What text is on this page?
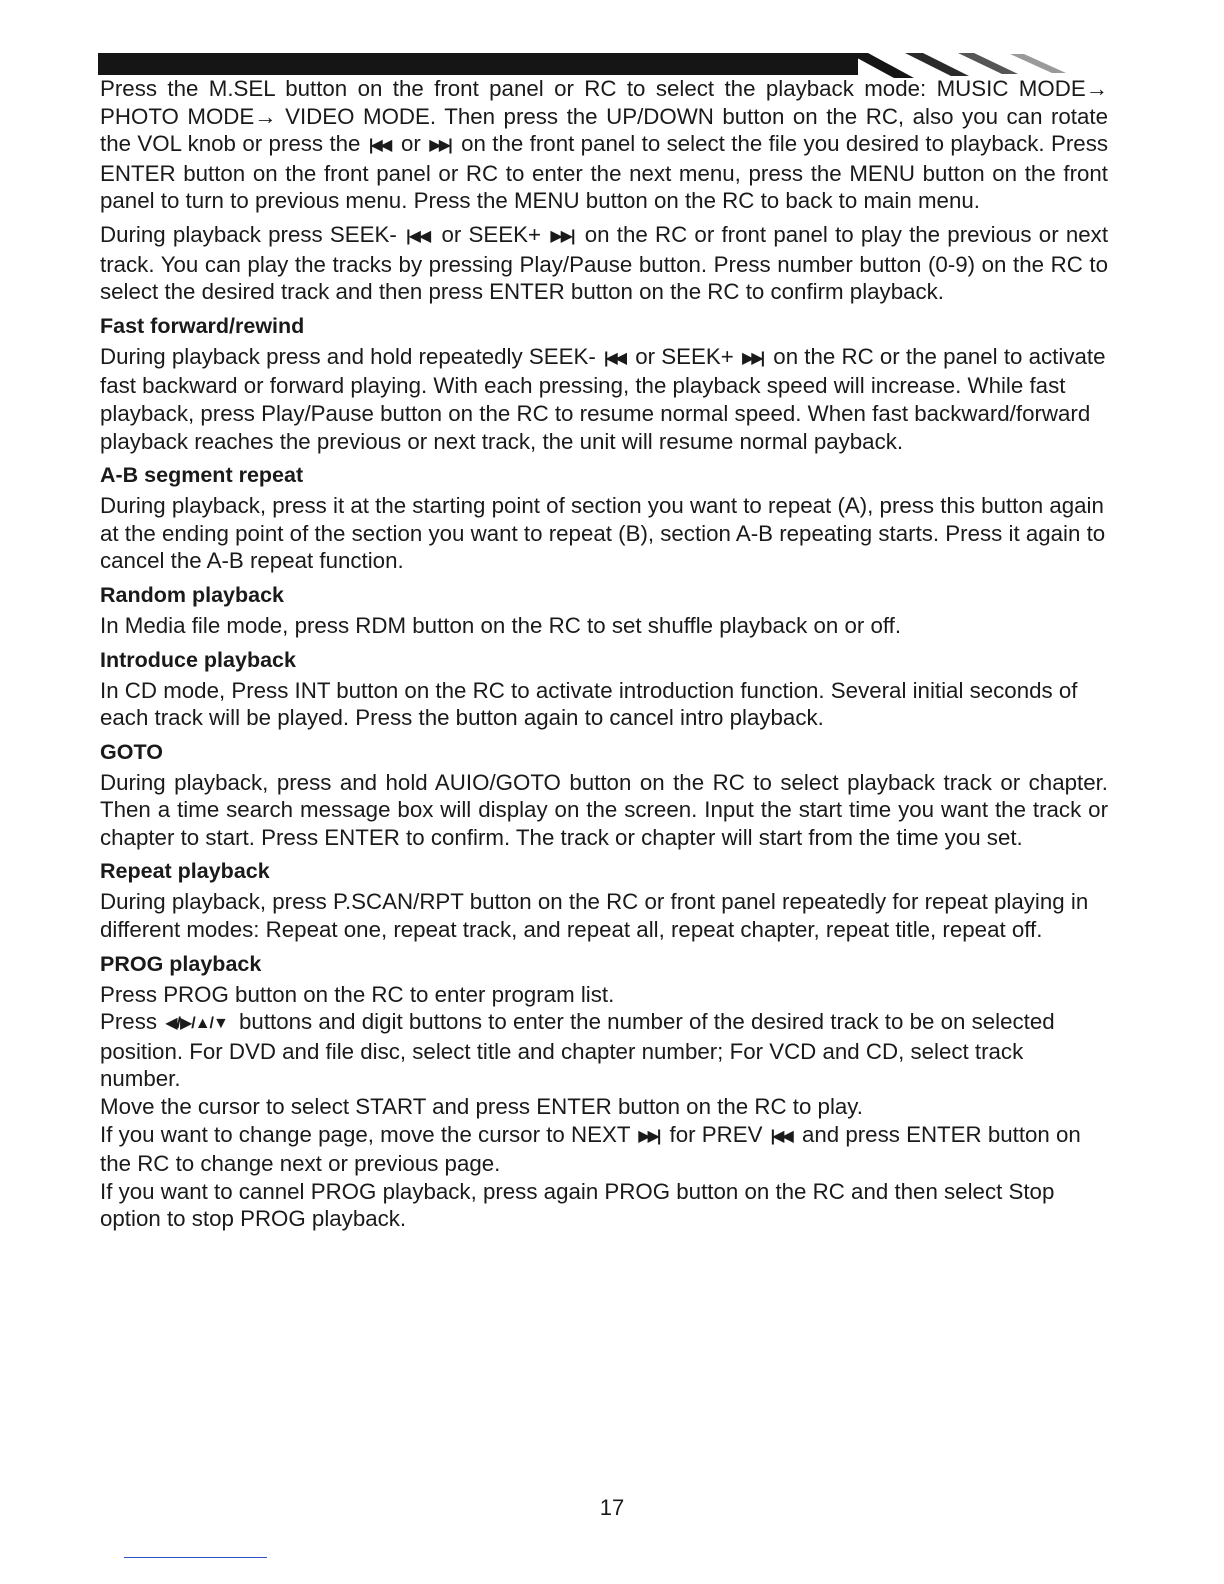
Press the M.SEL button on the front panel or RC to select the playback mode: MUSIC MODE→ PHOTO MODE→ VIDEO MODE. Then press the UP/DOWN button on the RC, also you can rotate the VOL knob or press the |◀◀ or ▶▶| on the front panel to select the file you desired to playback. Press ENTER button on the front panel or RC to enter the next menu, press the MENU button on the front panel to turn to previous menu. Press the MENU button on the RC to back to main menu.

During playback press SEEK- |◀◀ or SEEK+ ▶▶| on the RC or front panel to play the previous or next track. You can play the tracks by pressing Play/Pause button. Press number button (0-9) on the RC to select the desired track and then press ENTER button on the RC to confirm playback.

Fast forward/rewind

During playback press and hold repeatedly SEEK- |◀◀ or SEEK+ ▶▶| on the RC or the panel to activate fast backward or forward playing. With each pressing, the playback speed will increase. While fast playback, press Play/Pause button on the RC to resume normal speed. When fast backward/forward playback reaches the previous or next track, the unit will resume normal payback.

A-B segment repeat

During playback, press it at the starting point of section you want to repeat (A), press this button again at the ending point of the section you want to repeat (B), section A-B repeating starts. Press it again to cancel the A-B repeat function.

Random playback

In Media file mode, press RDM button on the RC to set shuffle playback on or off.

Introduce playback

In CD mode, Press INT button on the RC to activate introduction function. Several initial seconds of each track will be played. Press the button again to cancel intro playback.

GOTO

During playback, press and hold AUIO/GOTO button on the RC to select playback track or chapter. Then a time search message box will display on the screen. Input the start time you want the track or chapter to start. Press ENTER to confirm. The track or chapter will start from the time you set.

Repeat playback

During playback, press P.SCAN/RPT button on the RC or front panel repeatedly for repeat playing in different modes: Repeat one, repeat track, and repeat all, repeat chapter, repeat title, repeat off.

PROG playback

Press PROG button on the RC to enter program list.

Press ◀/▶/▲/▼ buttons and digit buttons to enter the number of the desired track to be on selected position. For DVD and file disc, select title and chapter number; For VCD and CD, select track number.

Move the cursor to select START and press ENTER button on the RC to play.

If you want to change page, move the cursor to NEXT ▶▶| for PREV |◀◀ and press ENTER button on the RC to change next or previous page.

If you want to cannel PROG playback, press again PROG button on the RC and then select Stop option to stop PROG playback.

17
